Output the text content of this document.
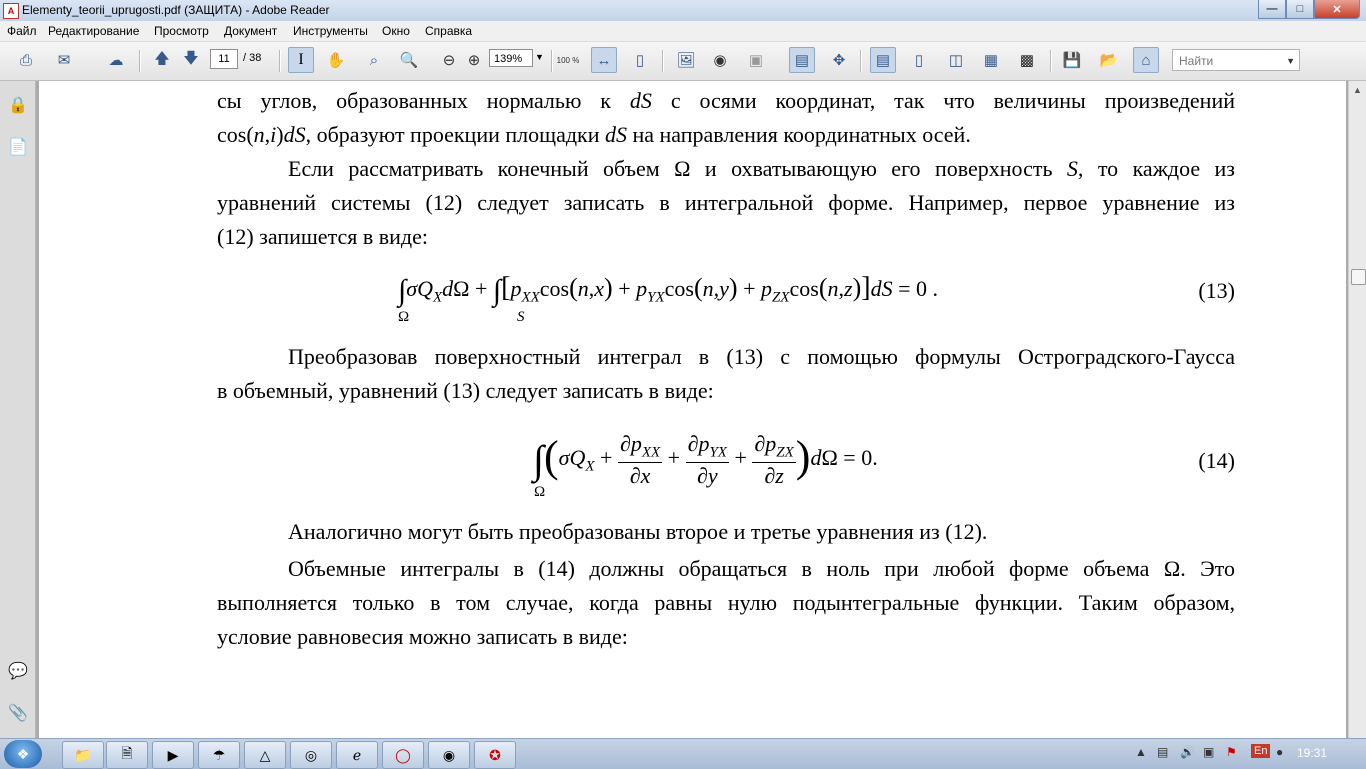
A Elementy_teorii_uprugosti.pdf (ЗАЩИТА) - Adobe Reader	—	□	✕
Файл Редактирование Просмотр Документ Инструменты Окно Справка
⎙	✉	☁	🡅 🡇	11	/ 38 I ✋	⌕	🔍	⊖ ⊕	139%	▼ 100 %	↔	▯	🖼	◉	▣	▤	✥	▤	▯	◫	▦	▩	💾 📂	⌂	Найти	▼
🔒
📄
💬
📎
сы углов, образованных нормалью к dS с осями координат, так что величины произведений
cos(n,i)dS, образуют проекции площадки dS на направления координатных осей.
Если рассматривать конечный объем Ω и охватывающую его поверхность S, то каждое из
уравнений системы (12) следует записать в интегральной форме. Например, первое уравнение из
(12) запишется в виде:
$\int\sigma Q_Xd\Omega + \int[p_{XX}\cos(n,x) + p_{YX}\cos(n,y) + p_{ZX}\cos(n,z)]dS = 0$ .
Ω	S
(13)
Преобразовав поверхностный интеграл в (13) с помощью формулы Остроградского-Гаусса
в объемный, уравнений (13) следует записать в виде:
$\int(\sigma Q_X$ +
$\partial p_{XX}$
∂x
+
$\partial p_{YX}$
∂y
+
$\partial p_{ZX}$
∂z )dΩ = 0.
Ω
(14)
Аналогично могут быть преобразованы второе и третье уравнения из (12).
Объемные интегралы в (14) должны обращаться в ноль при любой форме объема Ω. Это
выполняется только в том случае, когда равны нулю подынтегральные функции. Таким образом,
условие равновесия можно записать в виде:
▲
❖	📁	🗎	▶	☂	△	◎	ℯ	◯	◉	✪	▲ ▤ 🔊 ▣ ⚑ En ● 19:31
